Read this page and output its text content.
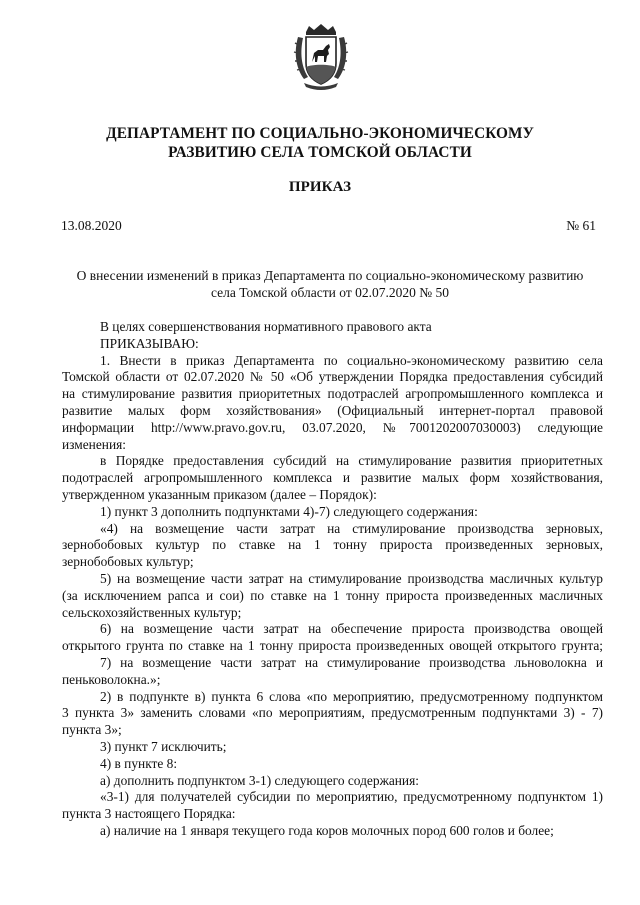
ДЕПАРТАМЕНТ ПО СОЦИАЛЬНО-ЭКОНОМИЧЕСКОМУ
РАЗВИТИЮ СЕЛА ТОМСКОЙ ОБЛАСТИ
ПРИКАЗ
13.08.2020	№ 61
О внесении изменений в приказ Департамента по социально-экономическому развитию
села Томской области от 02.07.2020 № 50
В целях совершенствования нормативного правового акта
ПРИКАЗЫВАЮ:
1. Внести в приказ Департамента по социально-экономическому развитию села
Томской области от 02.07.2020 № 50 «Об утверждении Порядка предоставления субсидий
на стимулирование развития приоритетных подотраслей агропромышленного комплекса и
развитие малых форм хозяйствования» (Официальный интернет-портал правовой
информации http://www.pravo.gov.ru, 03.07.2020, №7001202007030003) следующие
изменения:
в Порядке предоставления субсидий на стимулирование развития приоритетных
подотраслей агропромышленного комплекса и развитие малых форм хозяйствования,
утвержденном указанным приказом (далее – Порядок):
1) пункт 3 дополнить подпунктами 4)-7) следующего содержания:
«4) на возмещение части затрат на стимулирование производства зерновых,
зернобобовых культур по ставке на 1 тонну прироста произведенных зерновых,
зернобобовых культур;
5) на возмещение части затрат на стимулирование производства масличных культур
(за исключением рапса и сои) по ставке на 1 тонну прироста произведенных масличных
сельскохозяйственных культур;
6) на возмещение части затрат на обеспечение прироста производства овощей
открытого грунта по ставке на 1 тонну прироста произведенных овощей открытого грунта;
7) на возмещение части затрат на стимулирование производства льноволокна и
пеньковолокна.»;
2) в подпункте в) пункта 6 слова «по мероприятию, предусмотренному подпунктом
3 пункта 3» заменить словами «по мероприятиям, предусмотренным подпунктами 3) - 7)
пункта 3»;
3) пункт 7 исключить;
4) в пункте 8:
а) дополнить подпунктом 3-1) следующего содержания:
«3-1) для получателей субсидии по мероприятию, предусмотренному подпунктом 1)
пункта 3 настоящего Порядка:
а) наличие на 1 января текущего года коров молочных пород 600 голов и более;
